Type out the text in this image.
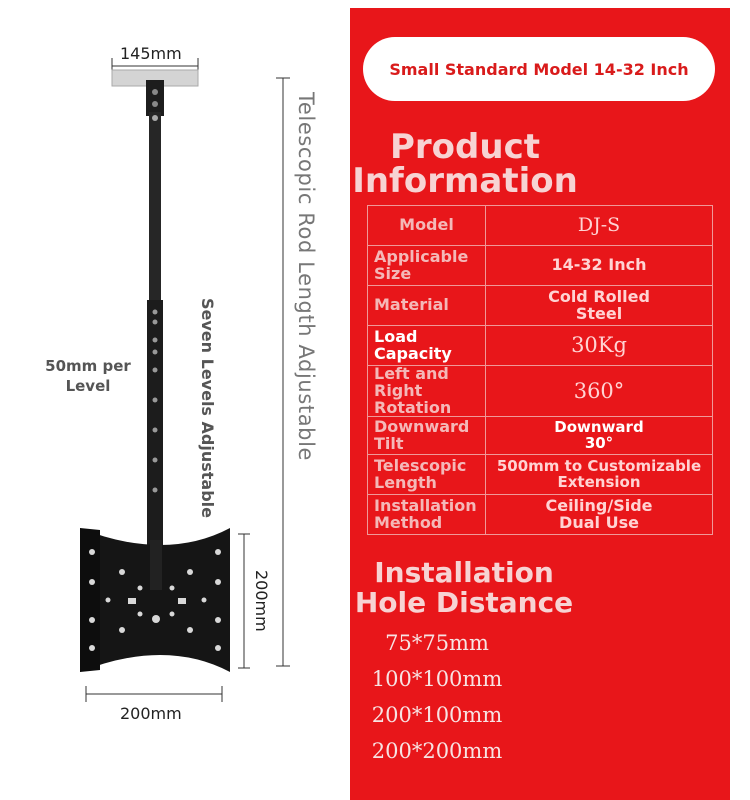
145mm
Telescopic Rod Length Adjustable
Seven Levels Adjustable
50mm per Level
200mm
200mm
Small Standard Model 14-32 Inch
Product
Information
Model	DJ-S
Applicable Size	14-32 Inch
Material	Cold Rolled Steel
Load Capacity	30Kg
Left and Right Rotation	360°
Downward Tilt	Downward 30°
Telescopic Length	500mm to Customizable Extension
Installation Method	Ceiling/Side Dual Use
Installation
Hole Distance
75*75mm
100*100mm
200*100mm
200*200mm
